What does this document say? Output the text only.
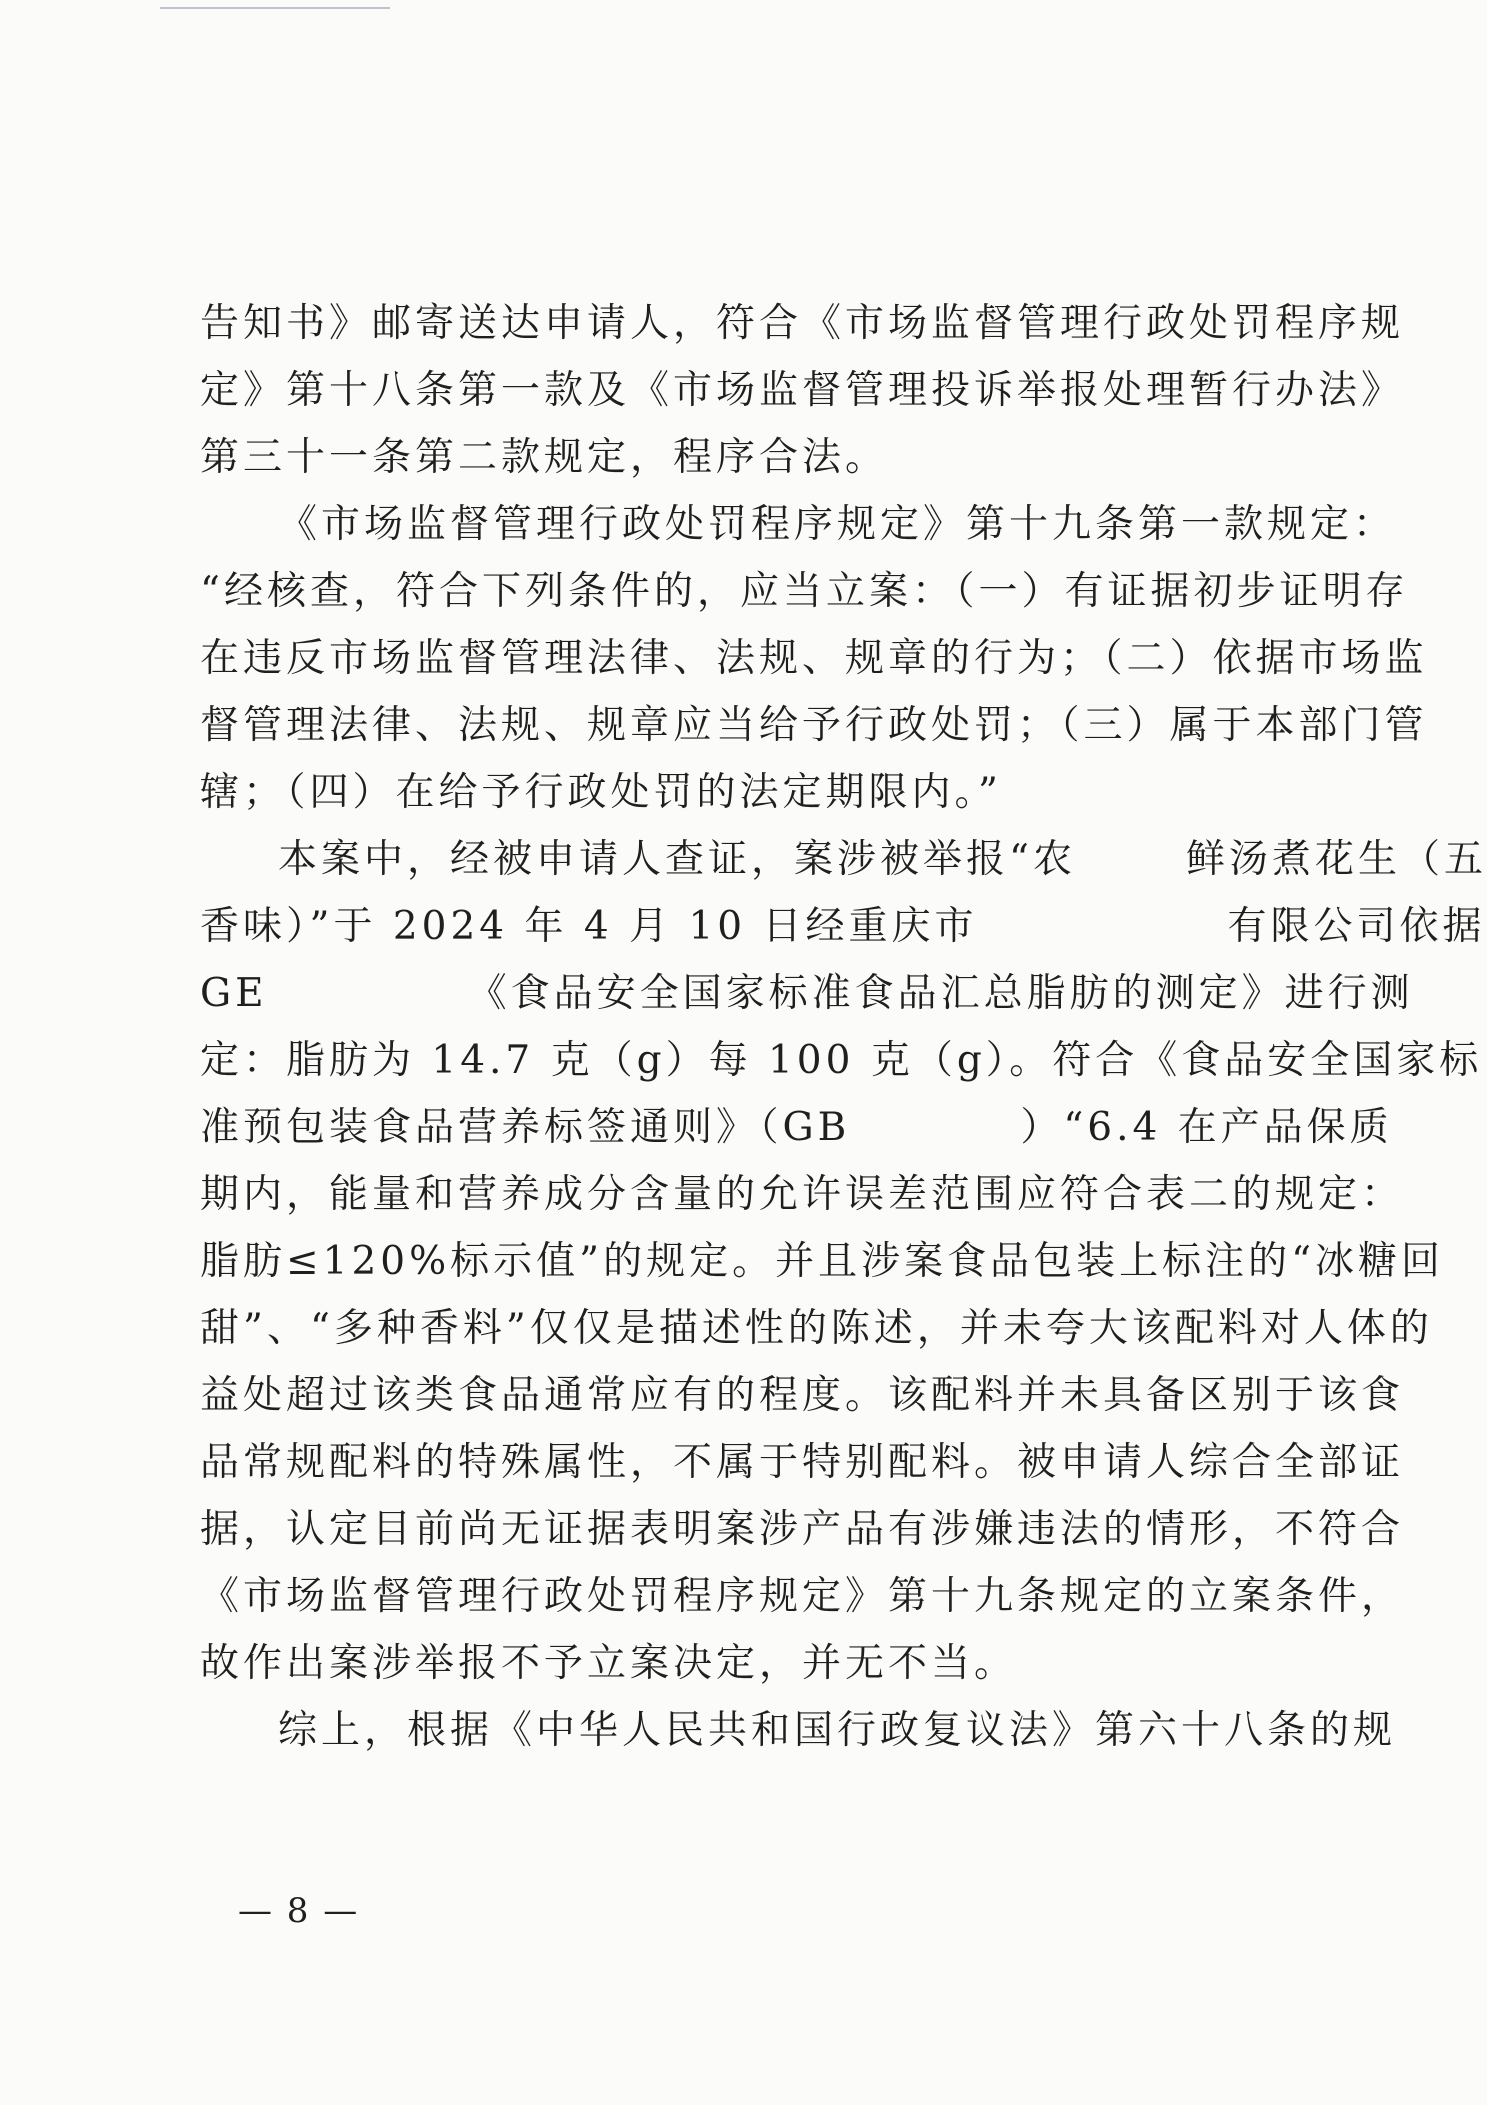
告知书》邮寄送达申请人，符合《市场监督管理行政处罚程序规
定》第十八条第一款及《市场监督管理投诉举报处理暂行办法》
第三十一条第二款规定，程序合法。
《市场监督管理行政处罚程序规定》第十九条第一款规定：
“经核查，符合下列条件的，应当立案：（一）有证据初步证明存
在违反市场监督管理法律、法规、规章的行为；（二）依据市场监
督管理法律、法规、规章应当给予行政处罚；（三）属于本部门管
辖；（四）在给予行政处罚的法定期限内。”
本案中，经被申请人查证，案涉被举报“农	鲜汤煮花生（五
香味）”于 2024 年 4 月 10 日经重庆市	有限公司依据
GE	《食品安全国家标准食品汇总脂肪的测定》进行测
定：脂肪为 14.7 克（g）每 100 克（g）。符合《食品安全国家标
准预包装食品营养标签通则》（GB	）“6.4 在产品保质
期内，能量和营养成分含量的允许误差范围应符合表二的规定：
脂肪≤120%标示值”的规定。并且涉案食品包装上标注的“冰糖回
甜”、“多种香料”仅仅是描述性的陈述，并未夸大该配料对人体的
益处超过该类食品通常应有的程度。该配料并未具备区别于该食
品常规配料的特殊属性，不属于特别配料。被申请人综合全部证
据，认定目前尚无证据表明案涉产品有涉嫌违法的情形，不符合
《市场监督管理行政处罚程序规定》第十九条规定的立案条件，
故作出案涉举报不予立案决定，并无不当。
综上，根据《中华人民共和国行政复议法》第六十八条的规
— 8 —
